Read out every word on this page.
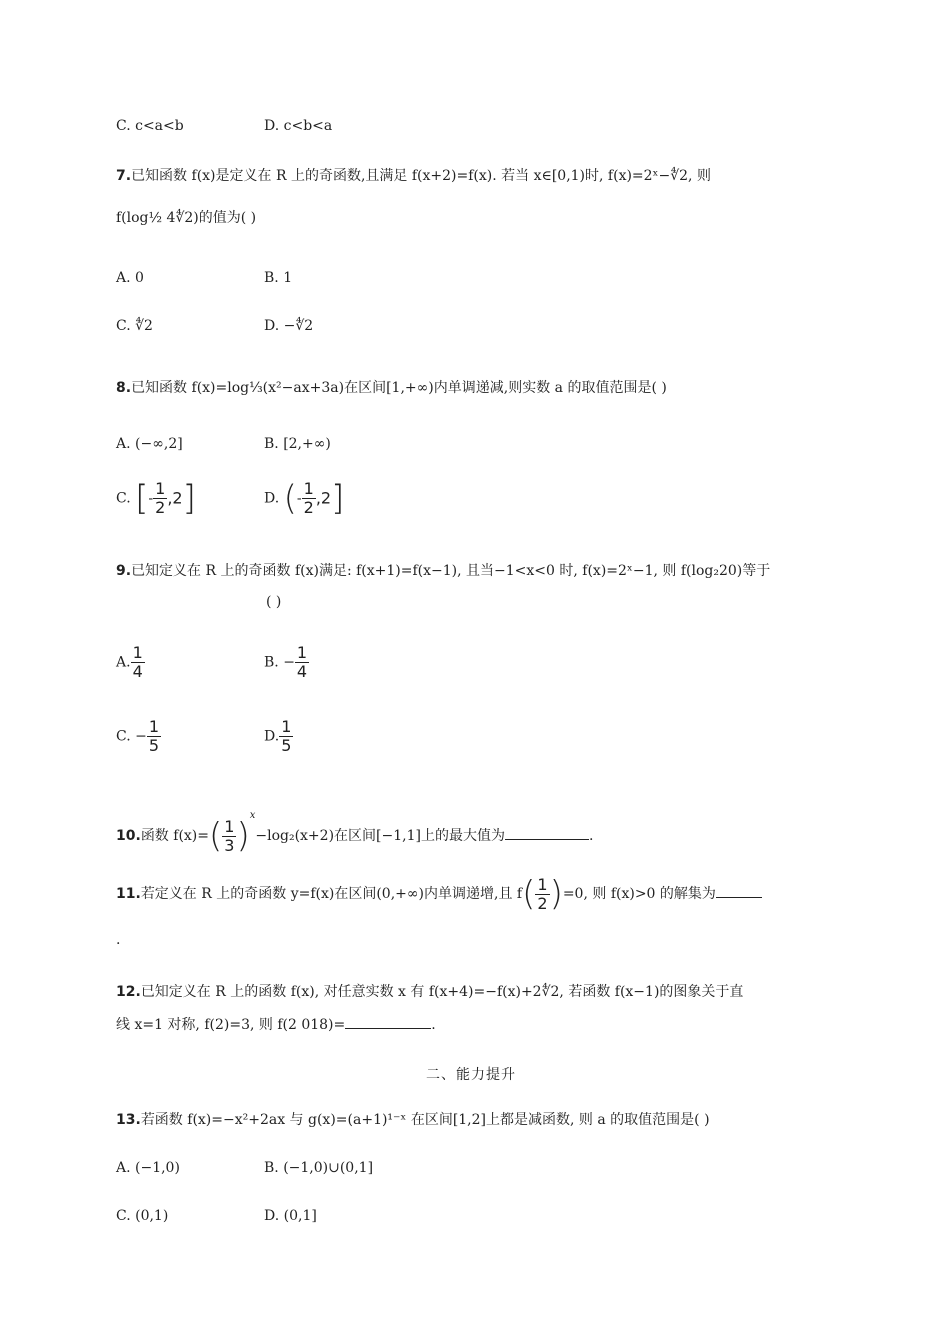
C. c<a<b	D. c<b<a
7.已知函数 f(x)是定义在 R 上的奇函数,且满足 f(x+2)=f(x). 若当 x∈[0,1)时, f(x)=2ˣ−∜2, 则
f(log½ 4∜2)的值为( )
A. 0	B. 1
C. ∜2	D. −∜2
8.已知函数 f(x)=log⅓(x²−ax+3a)在区间[1,+∞)内单调递减,则实数 a 的取值范围是( )
A. (−∞,2]	B. [2,+∞)
C. [- $\frac{1}{2} ,2$]	D. (- $\frac{1}{2} ,2$]
9.已知定义在 R 上的奇函数 f(x)满足: f(x+1)=f(x−1), 且当−1<x<0 时, f(x)=2ˣ−1, 则 f(log₂20)等于
( )
A. $\frac{1}{4}$	B. − $\frac{1}{4}$
C. − $\frac{1}{5}$	D. $\frac{1}{5}$
10.函数 $f(x)=( \frac{1}{3} )^x-\log_2(x+2)$在区间[−1,1]上的最大值为	.
11.若定义在 R 上的奇函数 y=f(x)在区间(0,+∞)内单调递增,且 $f( \frac{1}{2} )=0$, 则 f(x)>0 的解集为
.
12.已知定义在 R 上的函数 f(x), 对任意实数 x 有 f(x+4)=−f(x)+2∜2, 若函数 f(x−1)的图象关于直
线 x=1 对称, f(2)=3, 则 f(2 018)=	.
二、能力提升
13.若函数 f(x)=−x²+2ax 与 g(x)=(a+1)¹⁻ˣ 在区间[1,2]上都是减函数, 则 a 的取值范围是( )
A. (−1,0)	B. (−1,0)∪(0,1]
C. (0,1)	D. (0,1]
